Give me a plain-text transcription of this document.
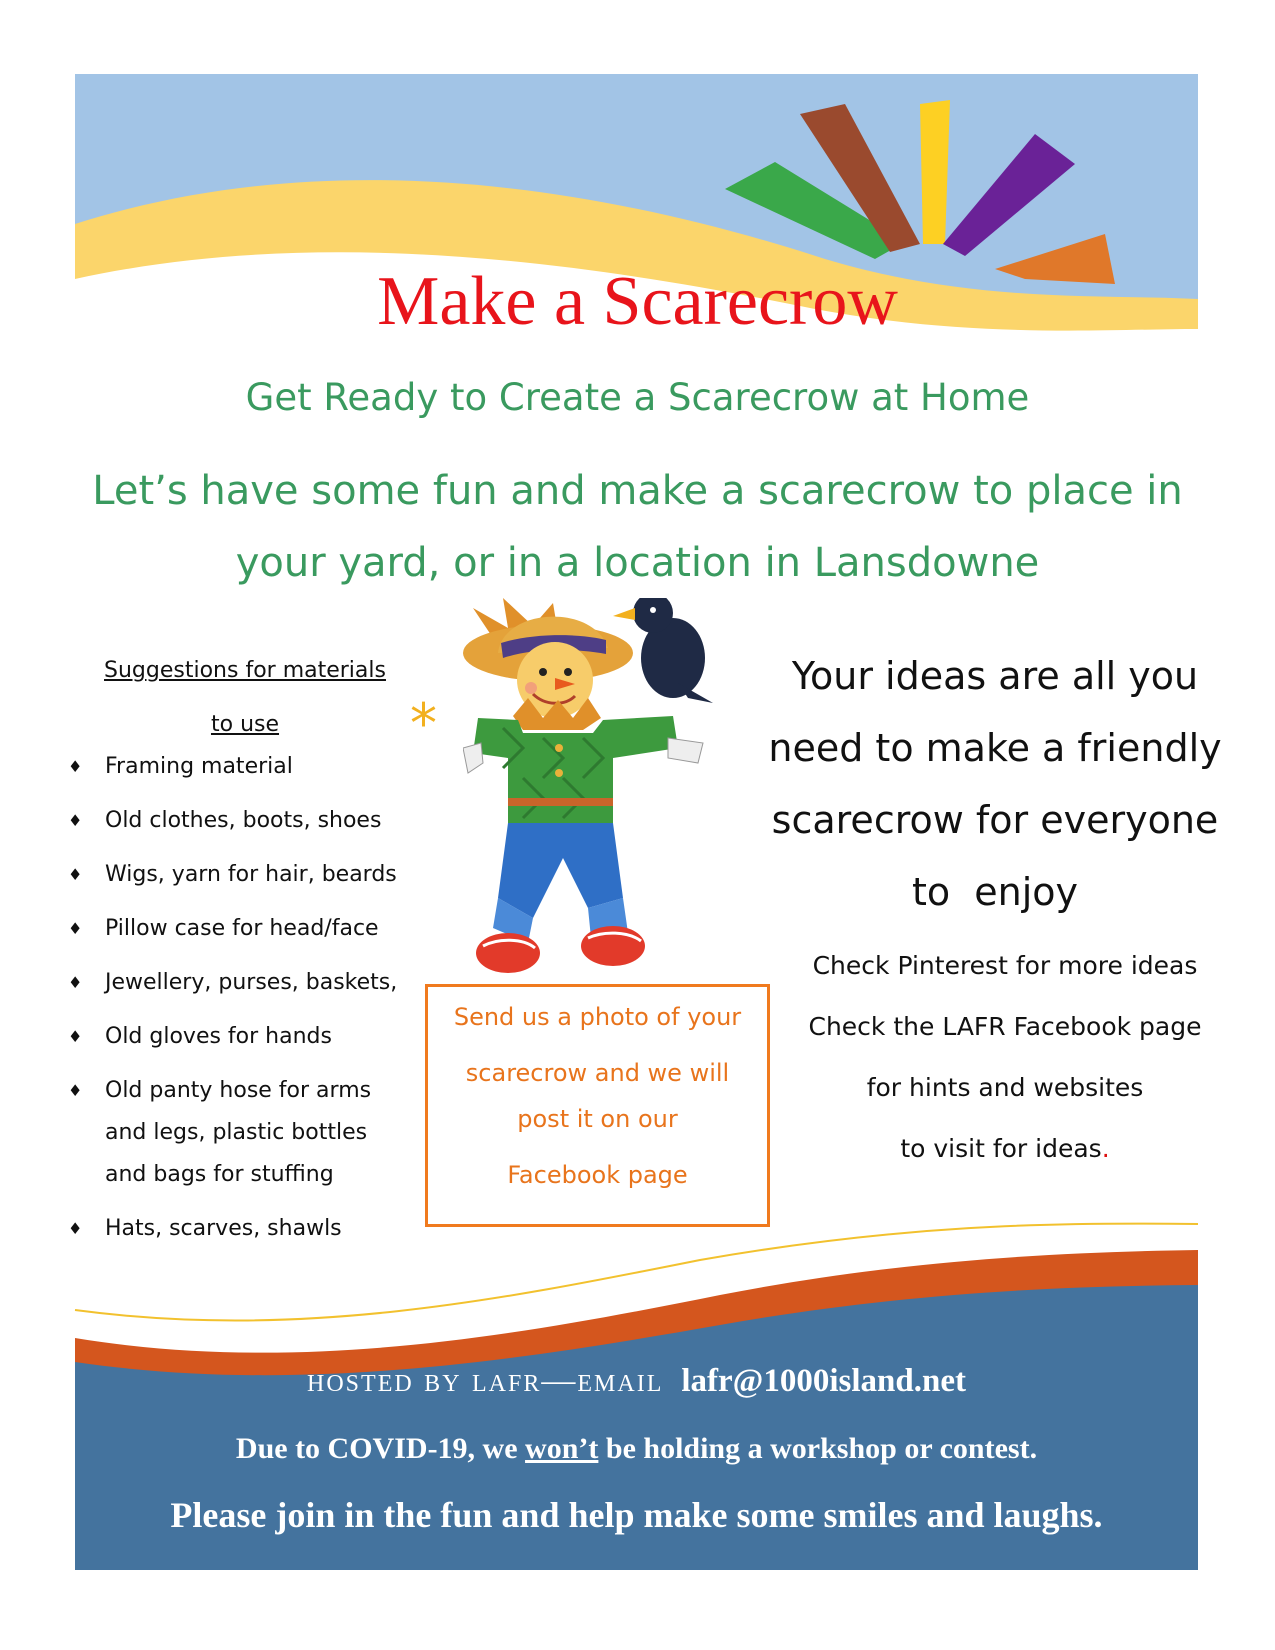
Make a Scarecrow
Get Ready to Create a Scarecrow at Home
Let’s have some fun and make a scarecrow to place in
your yard, or in a location in Lansdowne
Suggestions for materials
to use
♦ Framing material
♦ Old clothes, boots, shoes
♦ Wigs, yarn for hair, beards
♦ Pillow case for head/face
♦ Jewellery, purses, baskets,
♦ Old gloves for hands
♦ Old panty hose for arms and legs, plastic bottles and bags for stuffing
♦ Hats, scarves, shawls
*
Send us a photo of your
scarecrow and we will
post it on our
Facebook page
Your ideas are all you
need to make a friendly
scarecrow for everyone
to  enjoy
Check Pinterest for more ideas
Check the LAFR Facebook page
for hints and websites
to visit for ideas.
hosted by lafr—email lafr@1000island.net
Due to COVID-19, we won’t be holding a workshop or contest.
Please join in the fun and help make some smiles and laughs.
